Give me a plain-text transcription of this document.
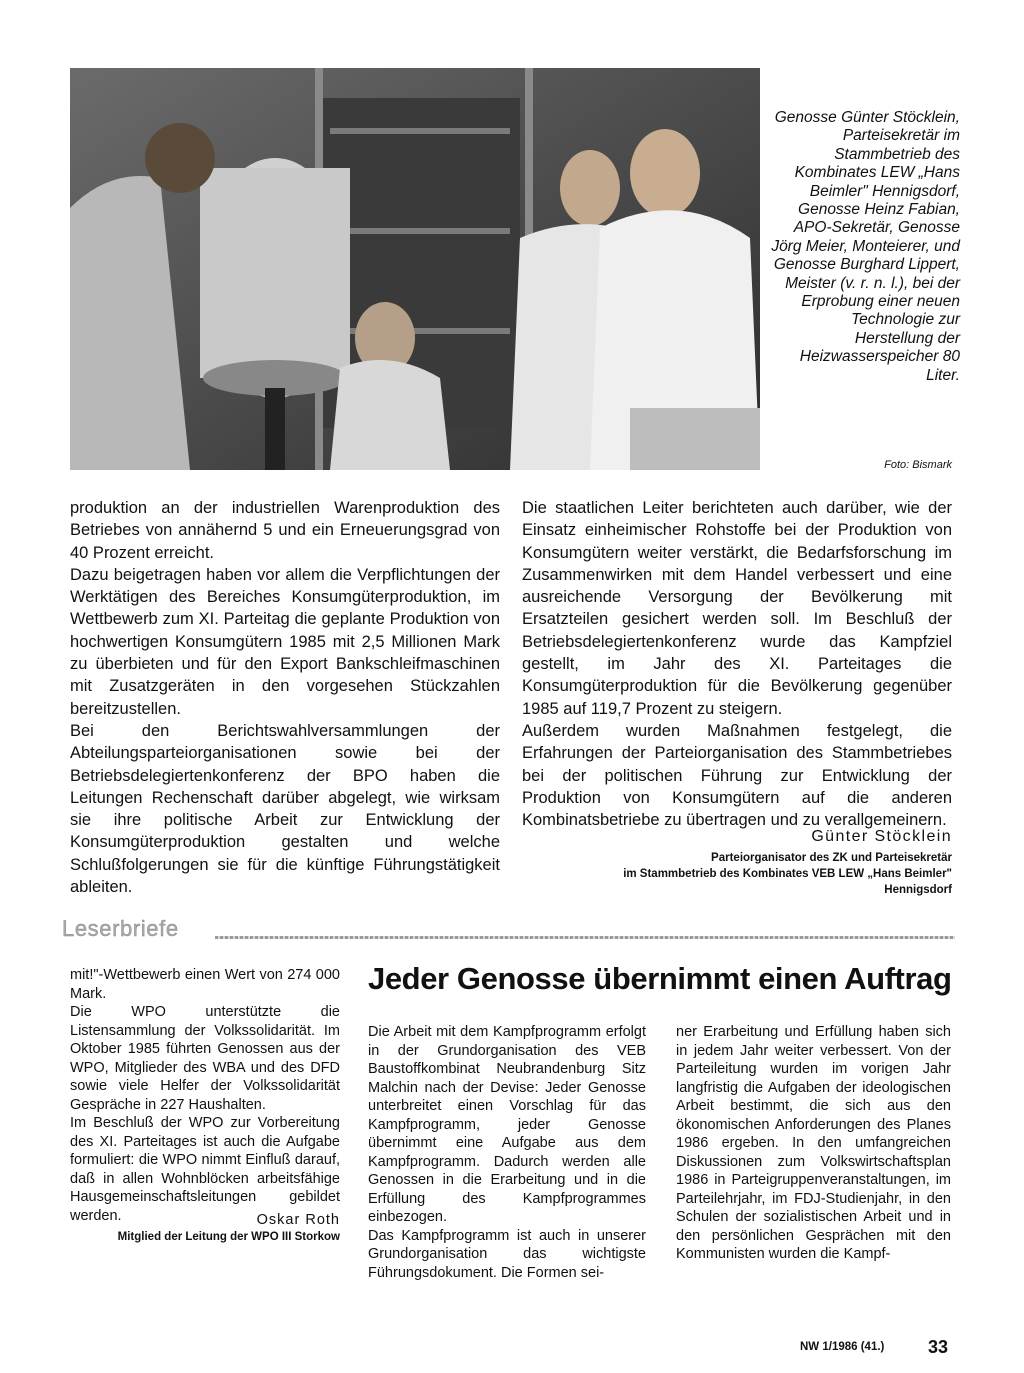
Genosse Günter Stöcklein, Parteisekretär im Stammbetrieb des Kombinates LEW „Hans Beimler" Hennigsdorf, Genosse Heinz Fabian, APO-Sekretär, Genosse Jörg Meier, Monteierer, und Genosse Burghard Lippert, Meister (v. r. n. l.), bei der Erprobung einer neuen Technologie zur Herstellung der Heizwasserspeicher 80 Liter.
Foto: Bismark

produktion an der industriellen Warenproduktion des Betriebes von annähernd 5 und ein Erneuerungsgrad von 40 Prozent erreicht.

Dazu beigetragen haben vor allem die Verpflichtungen der Werktätigen des Bereiches Konsumgüterproduktion, im Wettbewerb zum XI. Parteitag die geplante Produktion von hochwertigen Konsumgütern 1985 mit 2,5 Millionen Mark zu überbieten und für den Export Bankschleifmaschinen mit Zusatzgeräten in den vorgesehen Stückzahlen bereitzustellen.

Bei den Berichtswahlversammlungen der Abteilungsparteiorganisationen sowie bei der Betriebsdelegiertenkonferenz der BPO haben die Leitungen Rechenschaft darüber abgelegt, wie wirksam sie ihre politische Arbeit zur Entwicklung der Konsumgüterproduktion gestalten und welche Schlußfolgerungen sie für die künftige Führungstätigkeit ableiten.

Die staatlichen Leiter berichteten auch darüber, wie der Einsatz einheimischer Rohstoffe bei der Produktion von Konsumgütern weiter verstärkt, die Bedarfsforschung im Zusammenwirken mit dem Handel verbessert und eine ausreichende Versorgung der Bevölkerung mit Ersatzteilen gesichert werden soll. Im Beschluß der Betriebsdelegiertenkonferenz wurde das Kampfziel gestellt, im Jahr des XI. Parteitages die Konsumgüterproduktion für die Bevölkerung gegenüber 1985 auf 119,7 Prozent zu steigern.

Außerdem wurden Maßnahmen festgelegt, die Erfahrungen der Parteiorganisation des Stammbetriebes bei der politischen Führung zur Entwicklung der Produktion von Konsumgütern auf die anderen Kombinatsbetriebe zu übertragen und zu verallgemeinern.

Günter Stöcklein
Parteiorganisator des ZK und Parteisekretär
im Stammbetrieb des Kombinates VEB LEW „Hans Beimler"
Hennigsdorf
Leserbriefe

mit!"-Wettbewerb einen Wert von 274 000 Mark.

Die WPO unterstützte die Listensammlung der Volkssolidarität. Im Oktober 1985 führten Genossen aus der WPO, Mitglieder des WBA und des DFD sowie viele Helfer der Volkssolidarität Gespräche in 227 Haushalten.

Im Beschluß der WPO zur Vorbereitung des XI. Parteitages ist auch die Aufgabe formuliert: die WPO nimmt Einfluß darauf, daß in allen Wohnblöcken arbeitsfähige Hausgemeinschaftsleitungen gebildet werden.	Oskar Roth
Mitglied der Leitung der WPO III Storkow
Jeder Genosse übernimmt einen Auftrag

Die Arbeit mit dem Kampfprogramm erfolgt in der Grundorganisation des VEB Baustoffkombinat Neubrandenburg Sitz Malchin nach der Devise: Jeder Genosse unterbreitet einen Vorschlag für das Kampfprogramm, jeder Genosse übernimmt eine Aufgabe aus dem Kampfprogramm. Dadurch werden alle Genossen in die Erarbeitung und in die Erfüllung des Kampfprogrammes einbezogen.

Das Kampfprogramm ist auch in unserer Grundorganisation das wichtigste Führungsdokument. Die Formen sei-

ner Erarbeitung und Erfüllung haben sich in jedem Jahr weiter verbessert. Von der Parteileitung wurden im vorigen Jahr langfristig die Aufgaben der ideologischen Arbeit bestimmt, die sich aus den ökonomischen Anforderungen des Planes 1986 ergeben. In den umfangreichen Diskussionen zum Volkswirtschaftsplan 1986 in Parteigruppenveranstaltungen, im Parteilehrjahr, im FDJ-Studienjahr, in den Schulen der sozialistischen Arbeit und in den persönlichen Gesprächen mit den Kommunisten wurden die Kampf-

NW 1/1986 (41.) 33
